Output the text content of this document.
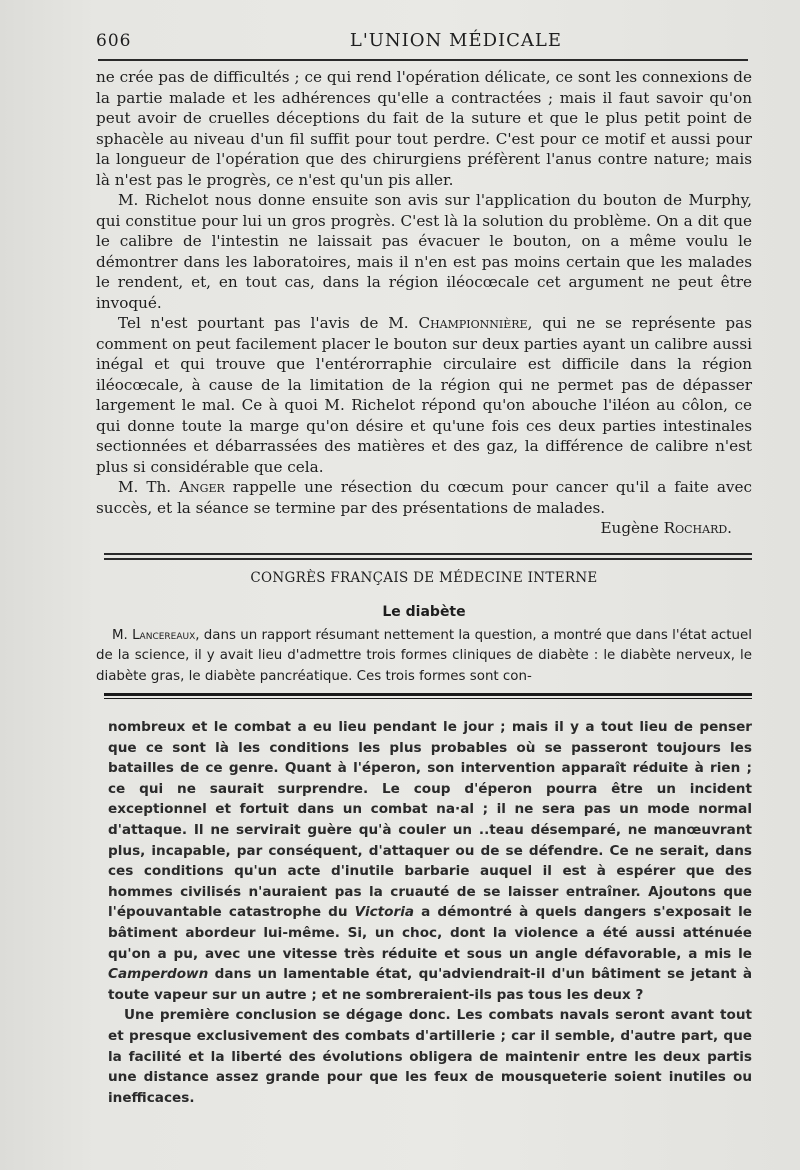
606	L'UNION MÉDICALE

ne crée pas de difficultés ; ce qui rend l'opération délicate, ce sont les connexions de la partie malade et les adhérences qu'elle a contractées ; mais il faut savoir qu'on peut avoir de cruelles déceptions du fait de la suture et que le plus petit point de sphacèle au niveau d'un fil suffit pour tout perdre. C'est pour ce motif et aussi pour la longueur de l'opération que des chirurgiens préfèrent l'anus contre nature; mais là n'est pas le progrès, ce n'est qu'un pis aller.

M. Richelot nous donne ensuite son avis sur l'application du bouton de Murphy, qui constitue pour lui un gros progrès. C'est là la solution du problème. On a dit que le calibre de l'intestin ne laissait pas évacuer le bouton, on a même voulu le démontrer dans les laboratoires, mais il n'en est pas moins certain que les malades le rendent, et, en tout cas, dans la région iléocœcale cet argument ne peut être invoqué.

Tel n'est pourtant pas l'avis de M. Championnière, qui ne se représente pas comment on peut facilement placer le bouton sur deux parties ayant un calibre aussi inégal et qui trouve que l'entérorraphie circulaire est difficile dans la région iléocœcale, à cause de la limitation de la région qui ne permet pas de dépasser largement le mal. Ce à quoi M. Richelot répond qu'on abouche l'iléon au côlon, ce qui donne toute la marge qu'on désire et qu'une fois ces deux parties intestinales sectionnées et débarrassées des matières et des gaz, la différence de calibre n'est plus si considérable que cela.

M. Th. Anger rappelle une résection du cœcum pour cancer qu'il a faite avec succès, et la séance se termine par des présentations de malades.

Eugène Rochard.

CONGRÈS FRANÇAIS DE MÉDECINE INTERNE
Le diabète

M. Lancereaux, dans un rapport résumant nettement la question, a montré que dans l'état actuel de la science, il y avait lieu d'admettre trois formes cliniques de diabète : le diabète nerveux, le diabète gras, le diabète pancréatique. Ces trois formes sont con-

nombreux et le combat a eu lieu pendant le jour ; mais il y a tout lieu de penser que ce sont là les conditions les plus probables où se passeront toujours les batailles de ce genre. Quant à l'éperon, son intervention apparaît réduite à rien ; ce qui ne saurait surprendre. Le coup d'éperon pourra être un incident exceptionnel et fortuit dans un combat na·al ; il ne sera pas un mode normal d'attaque. Il ne servirait guère qu'à couler un ..teau désemparé, ne manœuvrant plus, incapable, par conséquent, d'attaquer ou de se défendre. Ce ne serait, dans ces conditions qu'un acte d'inutile barbarie auquel il est à espérer que des hommes civilisés n'auraient pas la cruauté de se laisser entraîner. Ajoutons que l'épouvantable catastrophe du Victoria a démontré à quels dangers s'exposait le bâtiment abordeur lui-même. Si, un choc, dont la violence a été aussi atténuée qu'on a pu, avec une vitesse très réduite et sous un angle défavorable, a mis le Camperdown dans un lamentable état, qu'adviendrait-il d'un bâtiment se jetant à toute vapeur sur un autre ; et ne sombreraient-ils pas tous les deux ?

Une première conclusion se dégage donc. Les combats navals seront avant tout et presque exclusivement des combats d'artillerie ; car il semble, d'autre part, que la facilité et la liberté des évolutions obligera de maintenir entre les deux partis une distance assez grande pour que les feux de mousqueterie soient inutiles ou inefficaces.
